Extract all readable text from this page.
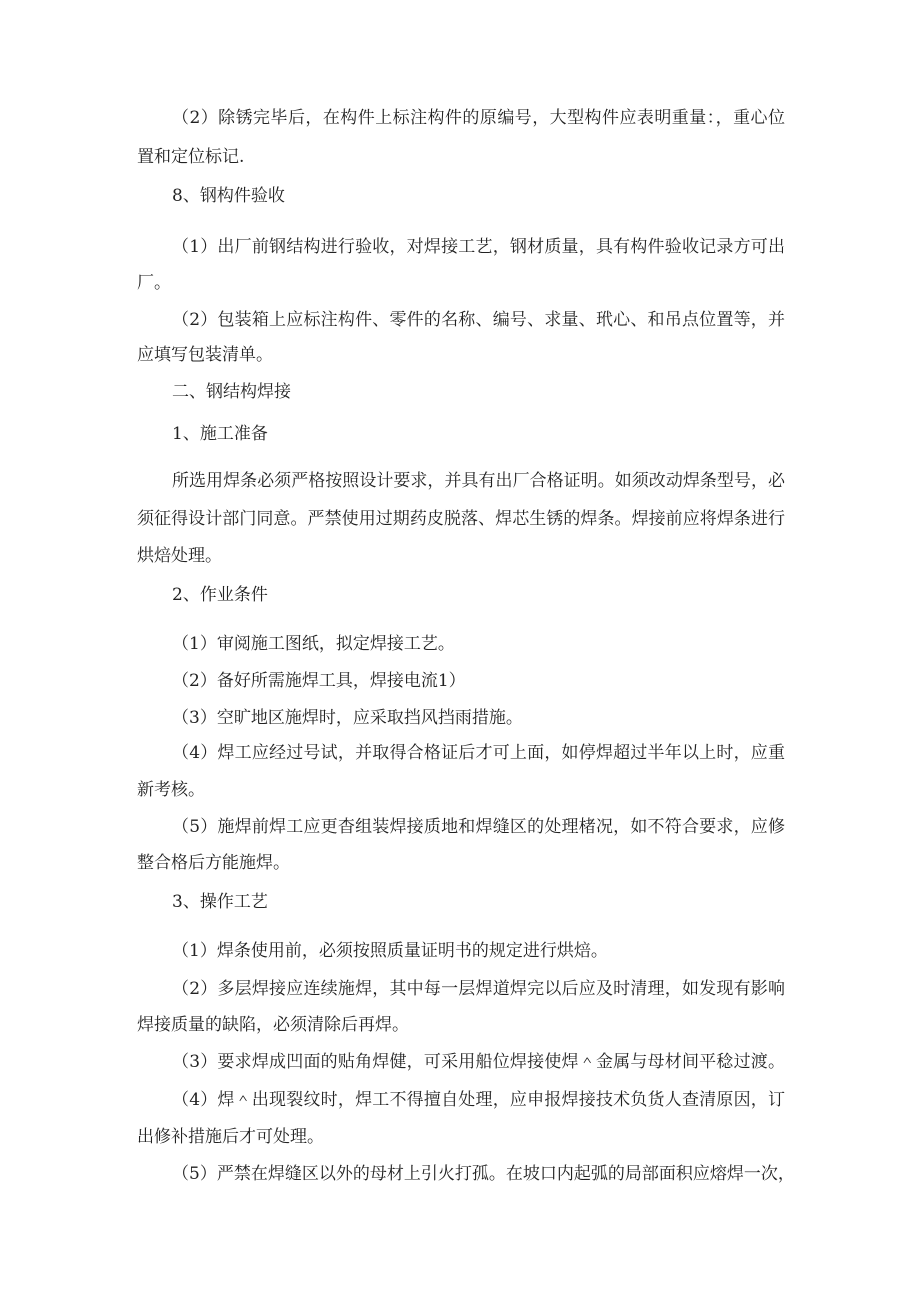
（2）除锈完毕后，在构件上标注构件的原编号，大型构件应表明重量：，重心位
置和定位标记.
8、钢构件验收
（1）出厂前钢结构进行验收，对焊接工艺，钢材质量，具有构件验收记录方可出
厂。
（2）包装箱上应标注构件、零件的名称、编号、求量、玳心、和吊点位置等，并
应填写包装清单。
二、钢结构焊接
1、施工准备
所选用焊条必须严格按照设计要求，并具有出厂合格证明。如须改动焊条型号，必
须征得设计部门同意。严禁使用过期药皮脱落、焊芯生锈的焊条。焊接前应将焊条进行
烘焙处理。
2、作业条件
（1）审阅施工图纸，拟定焊接工艺。
（2）备好所需施焊工具，焊接电流1）
（3）空旷地区施焊时，应采取挡风挡雨措施。
（4）焊工应经过号试，并取得合格证后才可上面，如停焊超过半年以上时，应重
新考核。
（5）施焊前焊工应更杳组装焊接质地和焊缝区的处理楮况，如不符合要求，应修
整合格后方能施焊。
3、操作工艺
（1）焊条使用前，必须按照质量证明书的规定进行烘焙。
（2）多层焊接应连续施焊，其中每一层焊道焊完以后应及时清理，如发现有影响
焊接质量的缺陷，必须清除后再焊。
（3）要求焊成凹面的贴角焊健，可采用船位焊接使焊＾金属与母材间平稔过渡。
（4）焊＾出现裂纹时，焊工不得擅自处理，应申报焊接技术负货人查清原因，订
出修补措施后才可处理。
（5）严禁在焊缝区以外的母材上引火打孤。在坡口内起弧的局部面积应熔焊一次，
